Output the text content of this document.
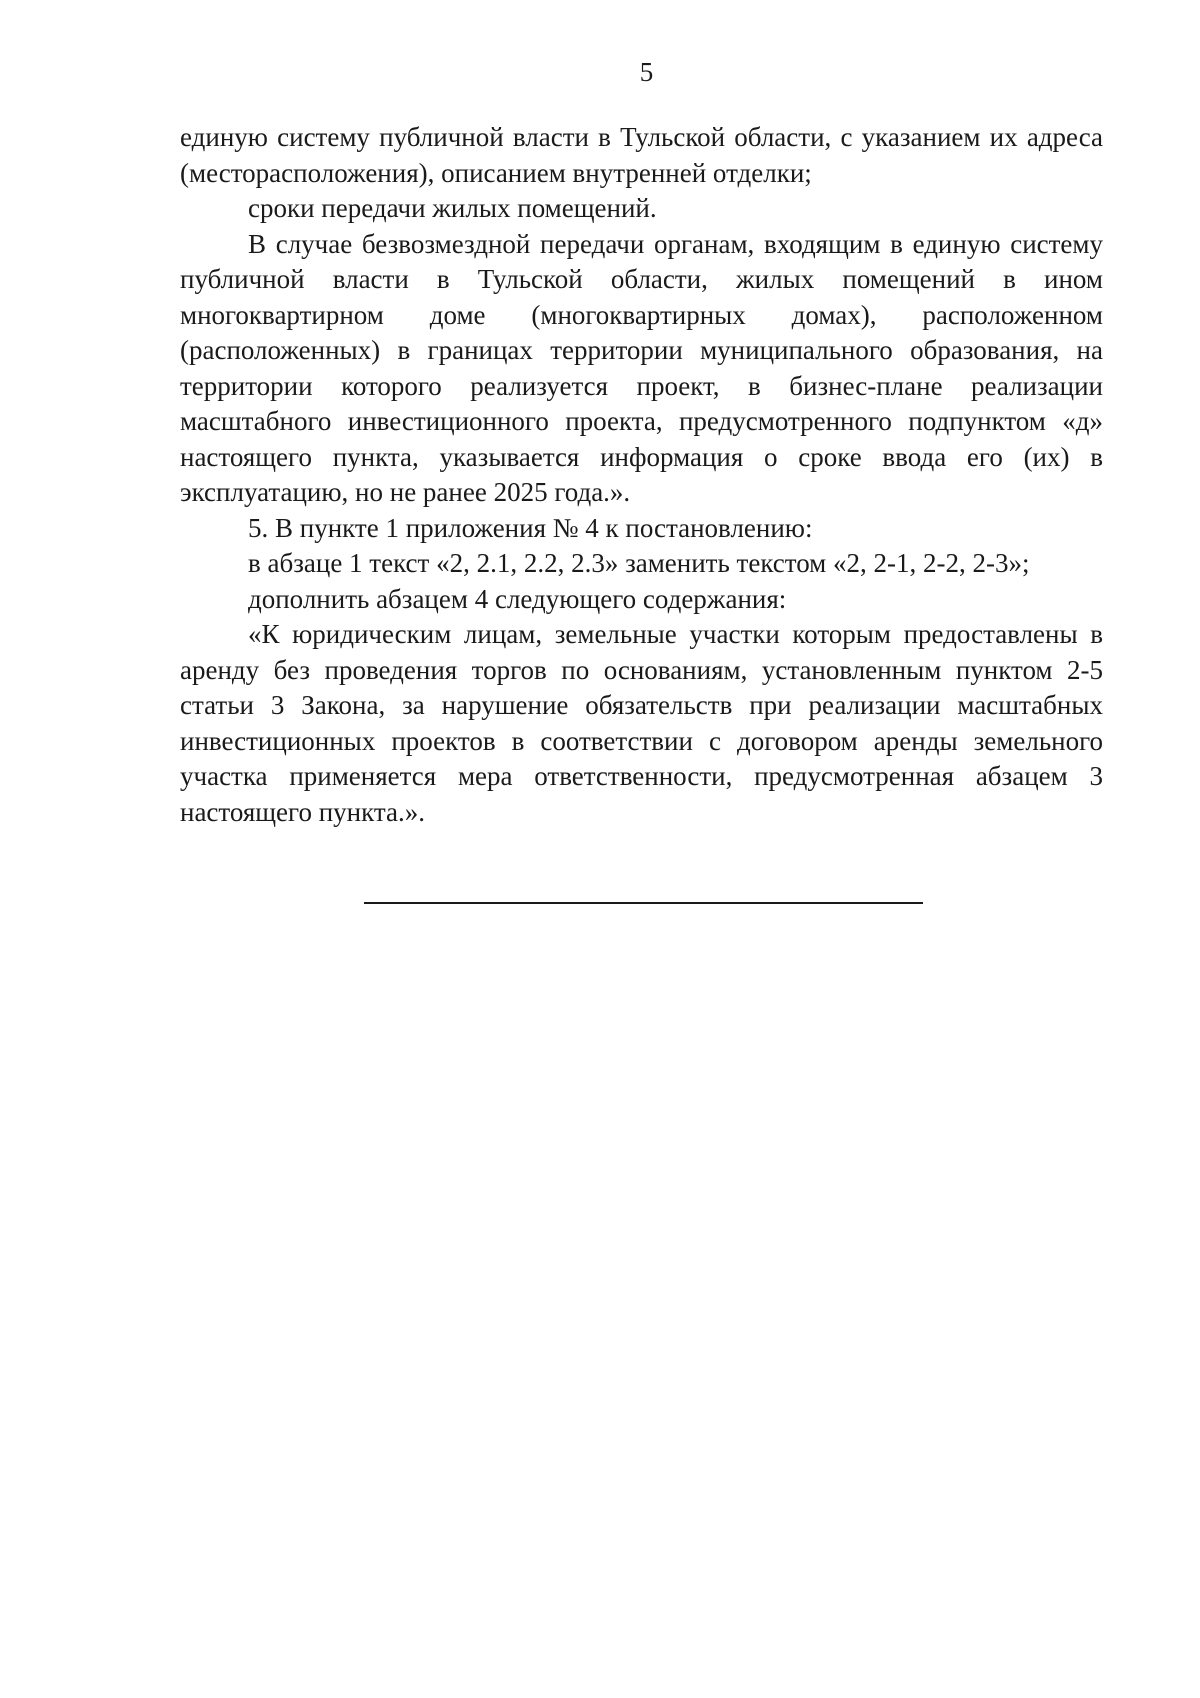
5

единую систему публичной власти в Тульской области, с указанием их адреса (месторасположения), описанием внутренней отделки;

сроки передачи жилых помещений.

В случае безвозмездной передачи органам, входящим в единую систему публичной власти в Тульской области, жилых помещений в ином многоквартирном доме (многоквартирных домах), расположенном (расположенных) в границах территории муниципального образования, на территории которого реализуется проект, в бизнес-плане реализации масштабного инвестиционного проекта, предусмотренного подпунктом «д» настоящего пункта, указывается информация о сроке ввода его (их) в эксплуатацию, но не ранее 2025 года.».

5. В пункте 1 приложения № 4 к постановлению:

в абзаце 1 текст «2, 2.1, 2.2, 2.3» заменить текстом «2, 2-1, 2-2, 2-3»;

дополнить абзацем 4 следующего содержания:

«К юридическим лицам, земельные участки которым предоставлены в аренду без проведения торгов по основаниям, установленным пунктом 2-5 статьи 3 Закона, за нарушение обязательств при реализации масштабных инвестиционных проектов в соответствии с договором аренды земельного участка применяется мера ответственности, предусмотренная абзацем 3 настоящего пункта.».
